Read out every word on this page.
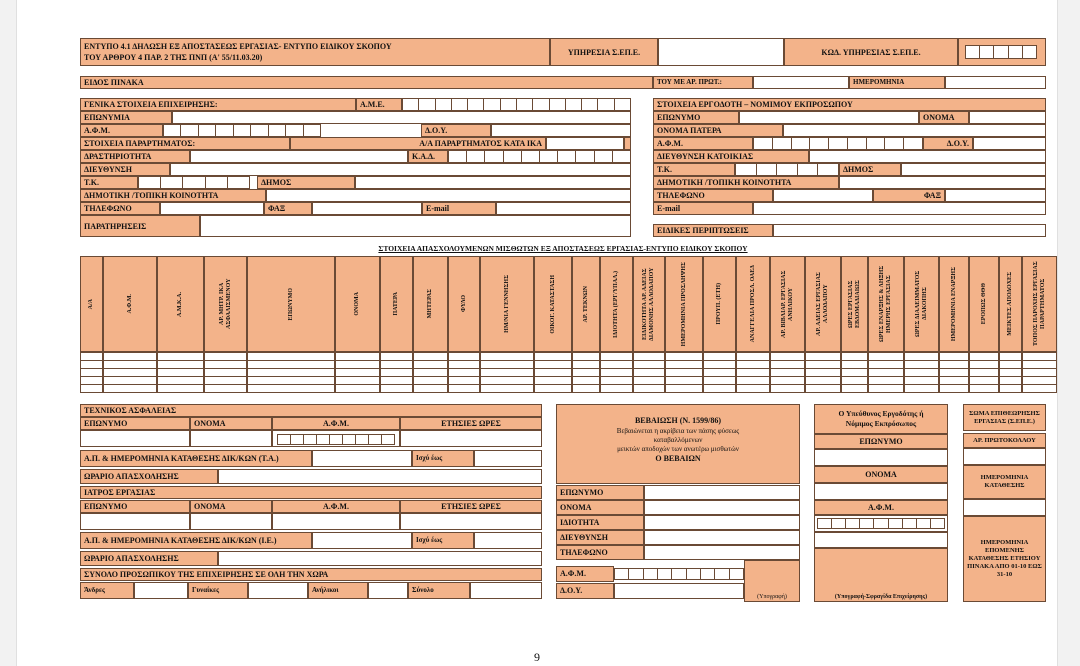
ΕΝΤΥΠΟ 4.1 ΔΗΛΩΣΗ ΕΞ ΑΠΟΣΤΑΣΕΩΣ ΕΡΓΑΣΙΑΣ- ΕΝΤΥΠΟ ΕΙΔΙΚΟΥ ΣΚΟΠΟΥ
ΤΟΥ ΑΡΘΡΟΥ 4 ΠΑΡ. 2 ΤΗΣ ΠΝΠ (Α' 55/11.03.20)
ΥΠΗΡΕΣΙΑ Σ.ΕΠ.Ε.	ΚΩΔ. ΥΠΗΡΕΣΙΑΣ Σ.ΕΠ.Ε.
ΕΙΔΟΣ ΠΙΝΑΚΑ	ΤΟΥ ΜΕ ΑΡ. ΠΡΩΤ.:	ΗΜΕΡΟΜΗΝΙΑ
ΓΕΝΙΚΑ ΣΤΟΙΧΕΙΑ ΕΠΙΧΕΙΡΗΣΗΣ:	Α.Μ.Ε.
ΕΠΩΝΥΜΙΑ
Α.Φ.Μ.	Δ.Ο.Υ.
ΣΤΟΙΧΕΙΑ ΠΑΡΑΡΤΗΜΑΤΟΣ:	Α/Α ΠΑΡΑΡΤΗΜΑΤΟΣ ΚΑΤΑ ΙΚΑ
ΔΡΑΣΤΗΡΙΟΤΗΤΑ	Κ.Α.Δ.
ΔΙΕΥΘΥΝΣΗ
Τ.Κ.	ΔΗΜΟΣ
ΔΗΜΟΤΙΚΗ /ΤΟΠΙΚΗ ΚΟΙΝΟΤΗΤΑ
ΤΗΛΕΦΩΝΟ	ΦΑΞ	E-mail
ΠΑΡΑΤΗΡΗΣΕΙΣ
ΣΤΟΙΧΕΙΑ ΕΡΓΟΔΟΤΗ – ΝΟΜΙΜΟΥ ΕΚΠΡΟΣΩΠΟΥ
ΕΠΩΝΥΜΟ	ΟΝΟΜΑ
ΟΝΟΜΑ ΠΑΤΕΡΑ
Α.Φ.Μ.	Δ.Ο.Υ.
ΔΙΕΥΘΥΝΣΗ ΚΑΤΟΙΚΙΑΣ
Τ.Κ.	ΔΗΜΟΣ
ΔΗΜΟΤΙΚΗ /ΤΟΠΙΚΗ ΚΟΙΝΟΤΗΤΑ
ΤΗΛΕΦΩΝΟ	ΦΑΞ
E-mail
ΕΙΔΙΚΕΣ ΠΕΡΙΠΤΩΣΕΙΣ
ΣΤΟΙΧΕΙΑ ΑΠΑΣΧΟΛΟΥΜΕΝΩΝ ΜΙΣΘΩΤΩΝ ΕΞ ΑΠΟΣΤΑΣΕΩΣ ΕΡΓΑΣΙΑΣ-ΕΝΤΥΠΟ ΕΙΔΙΚΟΥ ΣΚΟΠΟΥ
Α/Α	Α.Φ.Μ.	Α.Μ.Κ.Α.	ΑΡ. ΜΗΤΡ. ΙΚΑ ΑΣΦΑΛΙΣΜΕΝΟΥ	ΕΠΩΝΥΜΟ	ΟΝΟΜΑ	ΠΑΤΕΡΑ	ΜΗΤΕΡΑΣ	ΦΥΛΟ	ΗΜ/ΝΙΑ ΓΕΝΝΗΣΗΣ	ΟΙΚΟΓ. ΚΑΤΑΣΤΑΣΗ	ΑΡ. ΤΕΚΝΩΝ	ΙΔΙΟΤΗΤΑ (ΕΡΓ/ΥΠΑΛ.)	ΕΙΔΙΚΟΤΗΤΑ ΑΡ. ΑΔΕΙΑΣ ΔΙΑΜΟΝΗΣ ΑΛΛΟΔΑΠΟΥ	ΗΜΕΡΟΜΗΝΙΑ ΠΡΟΣΛΗΨΗΣ	ΠΡΟΥΠ. (ΕΤΗ)	ΑΝΑΓΓΕΛΙΑ ΠΡΟΣΛ. ΟΑΕΔ	ΑΡ. ΒΙΒΛΙΑΡ. ΕΡΓΑΣΙΑΣ ΑΝΗΛΙΚΟΥ	ΑΡ. ΑΔΕΙΑΣ ΕΡΓΑΣΙΑΣ ΑΛΛΟΔΑΠΟΥ	ΩΡΕΣ ΕΡΓΑΣΙΑΣ ΕΒΔΟΜΑΔΙΑΙΩΣ	ΩΡΕΣ ΕΝΑΡΞΗΣ & ΛΗΞΗΣ ΗΜΕΡΗΣ ΕΡΓΑΣΙΑΣ	ΩΡΕΣ ΔΙΑΛΕΙΜΜΑΤΟΣ ΔΙΑΚΟΠΗΣ	ΗΜΕΡΟΜΗΝΙΑ ΕΝΑΡΞΗΣ	ΕΡΟΠΩΣ ΘΘΘ	ΜΕΙΚΤΕΣ ΑΠΟΔΟΧΕΣ	ΤΟΠΟΣ ΠΑΡΟΧΗΣ ΕΡΓΑΣΙΑΣ ΠΑΡΑΡΤΗΜΑΤΟΣ
ΤΕΧΝΙΚΟΣ ΑΣΦΑΛΕΙΑΣ
ΕΠΩΝΥΜΟ	ΟΝΟΜΑ	Α.Φ.Μ.	ΕΤΗΣΙΕΣ ΩΡΕΣ
Α.Π. & ΗΜΕΡΟΜΗΝΙΑ ΚΑΤΑΘΕΣΗΣ ΔΙΚ/ΚΩΝ (Τ.Α.)	Ισχύ έως
ΩΡΑΡΙΟ ΑΠΑΣΧΟΛΗΣΗΣ
ΙΑΤΡΟΣ ΕΡΓΑΣΙΑΣ
ΕΠΩΝΥΜΟ	ΟΝΟΜΑ	Α.Φ.Μ.	ΕΤΗΣΙΕΣ ΩΡΕΣ
Α.Π. & ΗΜΕΡΟΜΗΝΙΑ ΚΑΤΑΘΕΣΗΣ ΔΙΚ/ΚΩΝ (Ι.Ε.)	Ισχύ έως
ΩΡΑΡΙΟ ΑΠΑΣΧΟΛΗΣΗΣ
ΣΥΝΟΛΟ ΠΡΟΣΩΠΙΚΟΥ ΤΗΣ ΕΠΙΧΕΙΡΗΣΗΣ ΣΕ ΟΛΗ ΤΗΝ ΧΩΡΑ
Άνδρες	Γυναίκες	Ανήλικοι	Σύνολο
ΒΕΒΑΙΩΣΗ (Ν. 1599/86)
Βεβαιώνεται η ακρίβεια των πάσης φύσεως
καταβαλλόμενων
μεικτών αποδοχών των ανωτέρω μισθωτών
Ο ΒΕΒΑΙΩΝ
ΕΠΩΝΥΜΟ
ΟΝΟΜΑ
ΙΔΙΟΤΗΤΑ
ΔΙΕΥΘΥΝΣΗ
ΤΗΛΕΦΩΝΟ
Α.Φ.Μ.
Δ.Ο.Υ.
(Υπογραφή)
Ο Υπεύθυνος Εργοδότης ή
Νόμιμος Εκπρόσωπος
ΕΠΩΝΥΜΟ
ΟΝΟΜΑ
Α.Φ.Μ.
(Υπογραφή-Σφραγίδα Επιχείρησης)
ΣΩΜΑ ΕΠΙΘΕΩΡΗΣΗΣ ΕΡΓΑΣΙΑΣ (Σ.ΕΠ.Ε.)
ΑΡ. ΠΡΩΤΟΚΟΛΛΟΥ
ΗΜΕΡΟΜΗΝΙΑ ΚΑΤΑΘΕΣΗΣ
ΗΜΕΡΟΜΗΝΙΑ ΕΠΟΜΕΝΗΣ ΚΑΤΑΘΕΣΗΣ ΕΤΗΣΙΟΥ ΠΙΝΑΚΑ ΑΠΟ 01-10 ΕΩΣ 31-10
9
